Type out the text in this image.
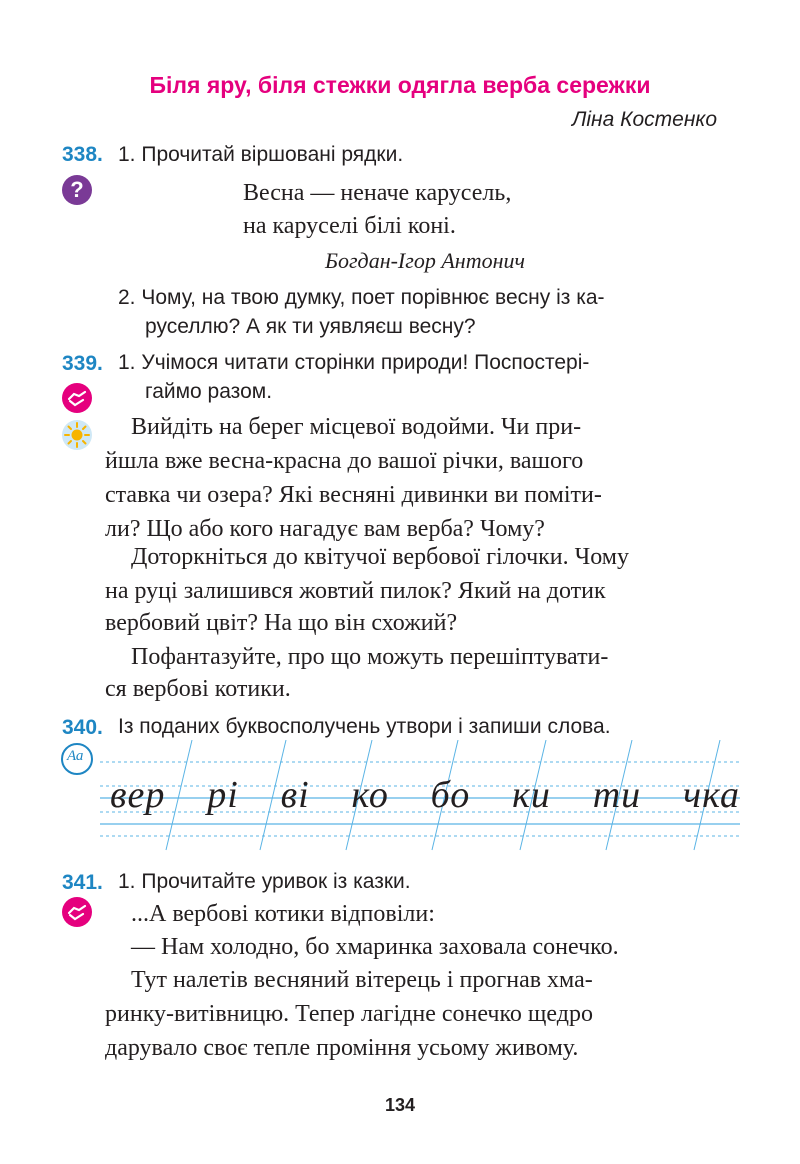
Біля яру, біля стежки одягла верба сережки
Ліна Костенко
338. 1. Прочитай віршовані рядки.
?	Весна — неначе карусель,
на каруселі білі коні.
Богдан-Ігор Антонич
2. Чому, на твою думку, поет порівнює весну із ка-
руселлю? А як ти уявляєш весну?
339. 1. Учімося читати сторінки природи! Поспостері-
гаймо разом.
Вийдіть на берег місцевої водойми. Чи при-
йшла вже весна-красна до вашої річки, вашого
ставка чи озера? Які весняні дивинки ви поміти-
ли? Що або кого нагадує вам верба? Чому?
Доторкніться до квітучої вербової гілочки. Чому
на руці залишився жовтий пилок? Який на дотик
вербовий цвіт? На що він схожий?
Пофантазуйте, про що можуть перешіптувати-
ся вербові котики.
340. Із поданих буквосполучень утвори і запиши слова.
Аа
вер рі ві ко бо ки ти чка
341. 1. Прочитайте уривок із казки.
...А вербові котики відповіли:
— Нам холодно, бо хмаринка заховала сонечко.
Тут налетів весняний вітерець і прогнав хма-
ринку-витівницю. Тепер лагідне сонечко щедро
дарувало своє тепле проміння усьому живому.
134
